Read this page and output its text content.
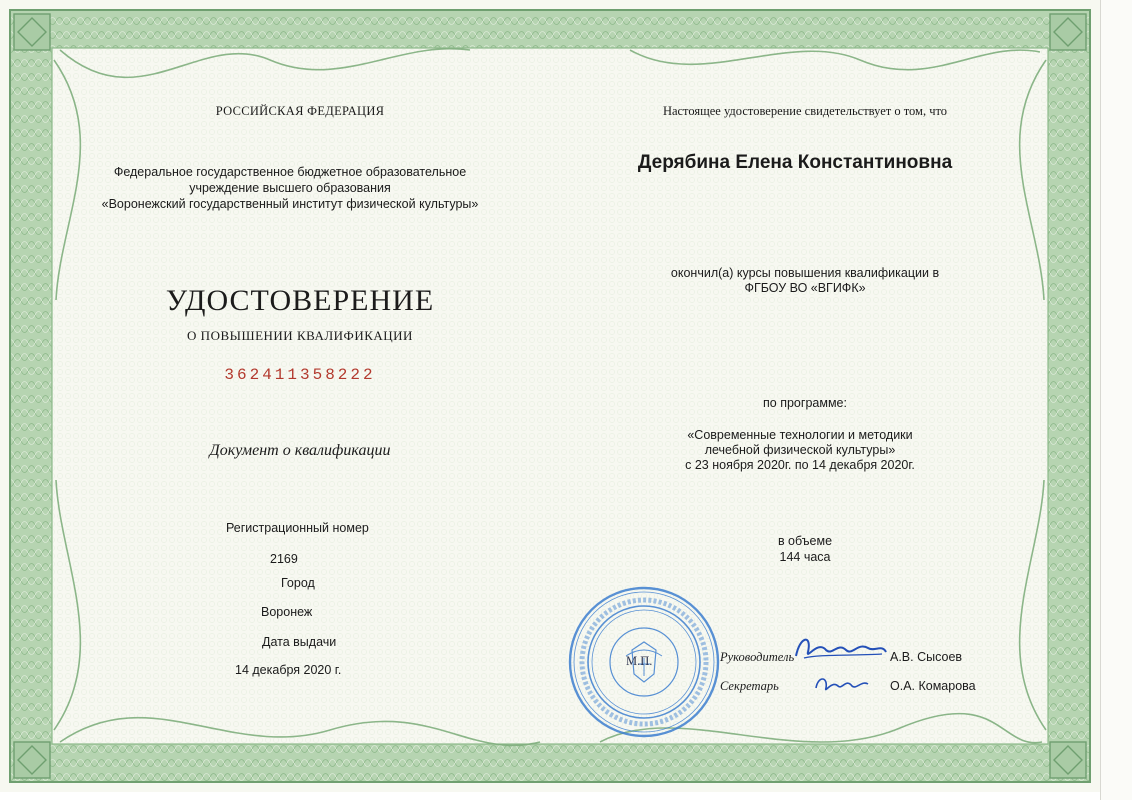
РОССИЙСКАЯ ФЕДЕРАЦИЯ
Федеральное государственное бюджетное образовательное
учреждение высшего образования
«Воронежский государственный институт физической культуры»
УДОСТОВЕРЕНИЕ
О ПОВЫШЕНИИ КВАЛИФИКАЦИИ
362411358222
Документ о квалификации
Регистрационный номер
2169
Город
Воронеж
Дата выдачи
14 декабря 2020 г.
Настоящее удостоверение свидетельствует о том, что
Дерябина Елена Константиновна
окончил(а) курсы повышения квалификации в
ФГБОУ ВО «ВГИФК»
по программе:
«Современные технологии и методики
лечебной физической культуры»
с 23 ноября 2020г. по 14 декабря 2020г.
в объеме
144 часа
М.П.	Руководитель	А.В. Сысоев
Секретарь	О.А. Комарова
